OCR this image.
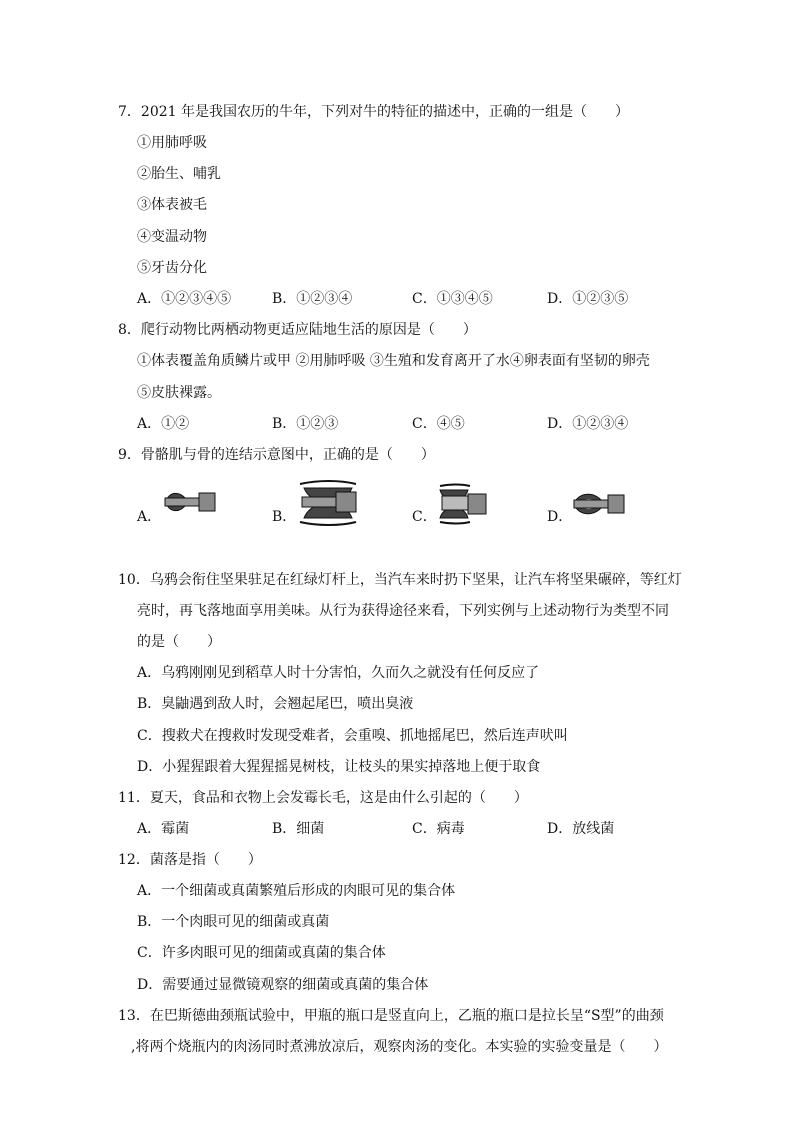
7．2021 年是我国农历的牛年，下列对牛的特征的描述中，正确的一组是（　　）
①用肺呼吸
②胎生、哺乳
③体表被毛
④变温动物
⑤牙齿分化
A．①②③④⑤	B．①②③④	C．①③④⑤	D．①②③⑤
8．爬行动物比两栖动物更适应陆地生活的原因是（　　）
①体表覆盖角质鳞片或甲 ②用肺呼吸 ③生殖和发育离开了水④卵表面有坚韧的卵壳
⑤皮肤裸露。
A．①②	B．①②③	C．④⑤	D．①②③④
9．骨骼肌与骨的连结示意图中，正确的是（　　）
A．	B．	C．	D．
10．乌鸦会衔住坚果驻足在红绿灯杆上，当汽车来时扔下坚果，让汽车将坚果碾碎，等红灯
亮时，再飞落地面享用美味。从行为获得途径来看，下列实例与上述动物行为类型不同
的是（　　）
A．乌鸦刚刚见到稻草人时十分害怕，久而久之就没有任何反应了
B．臭鼬遇到敌人时，会翘起尾巴，喷出臭液
C．搜救犬在搜救时发现受难者，会重嗅、抓地摇尾巴，然后连声吠叫
D．小猩猩跟着大猩猩摇晃树枝，让枝头的果实掉落地上便于取食
11．夏天，食品和衣物上会发霉长毛，这是由什么引起的（　　）
A．霉菌	B．细菌	C．病毒	D．放线菌
12．菌落是指（　　）
A．一个细菌或真菌繁殖后形成的肉眼可见的集合体
B．一个肉眼可见的细菌或真菌
C．许多肉眼可见的细菌或真菌的集合体
D．需要通过显微镜观察的细菌或真菌的集合体
13．在巴斯德曲颈瓶试验中，甲瓶的瓶口是竖直向上，乙瓶的瓶口是拉长呈“S型”的曲颈
,将两个烧瓶内的肉汤同时煮沸放凉后，观察肉汤的变化。本实验的实验变量是（　　）
